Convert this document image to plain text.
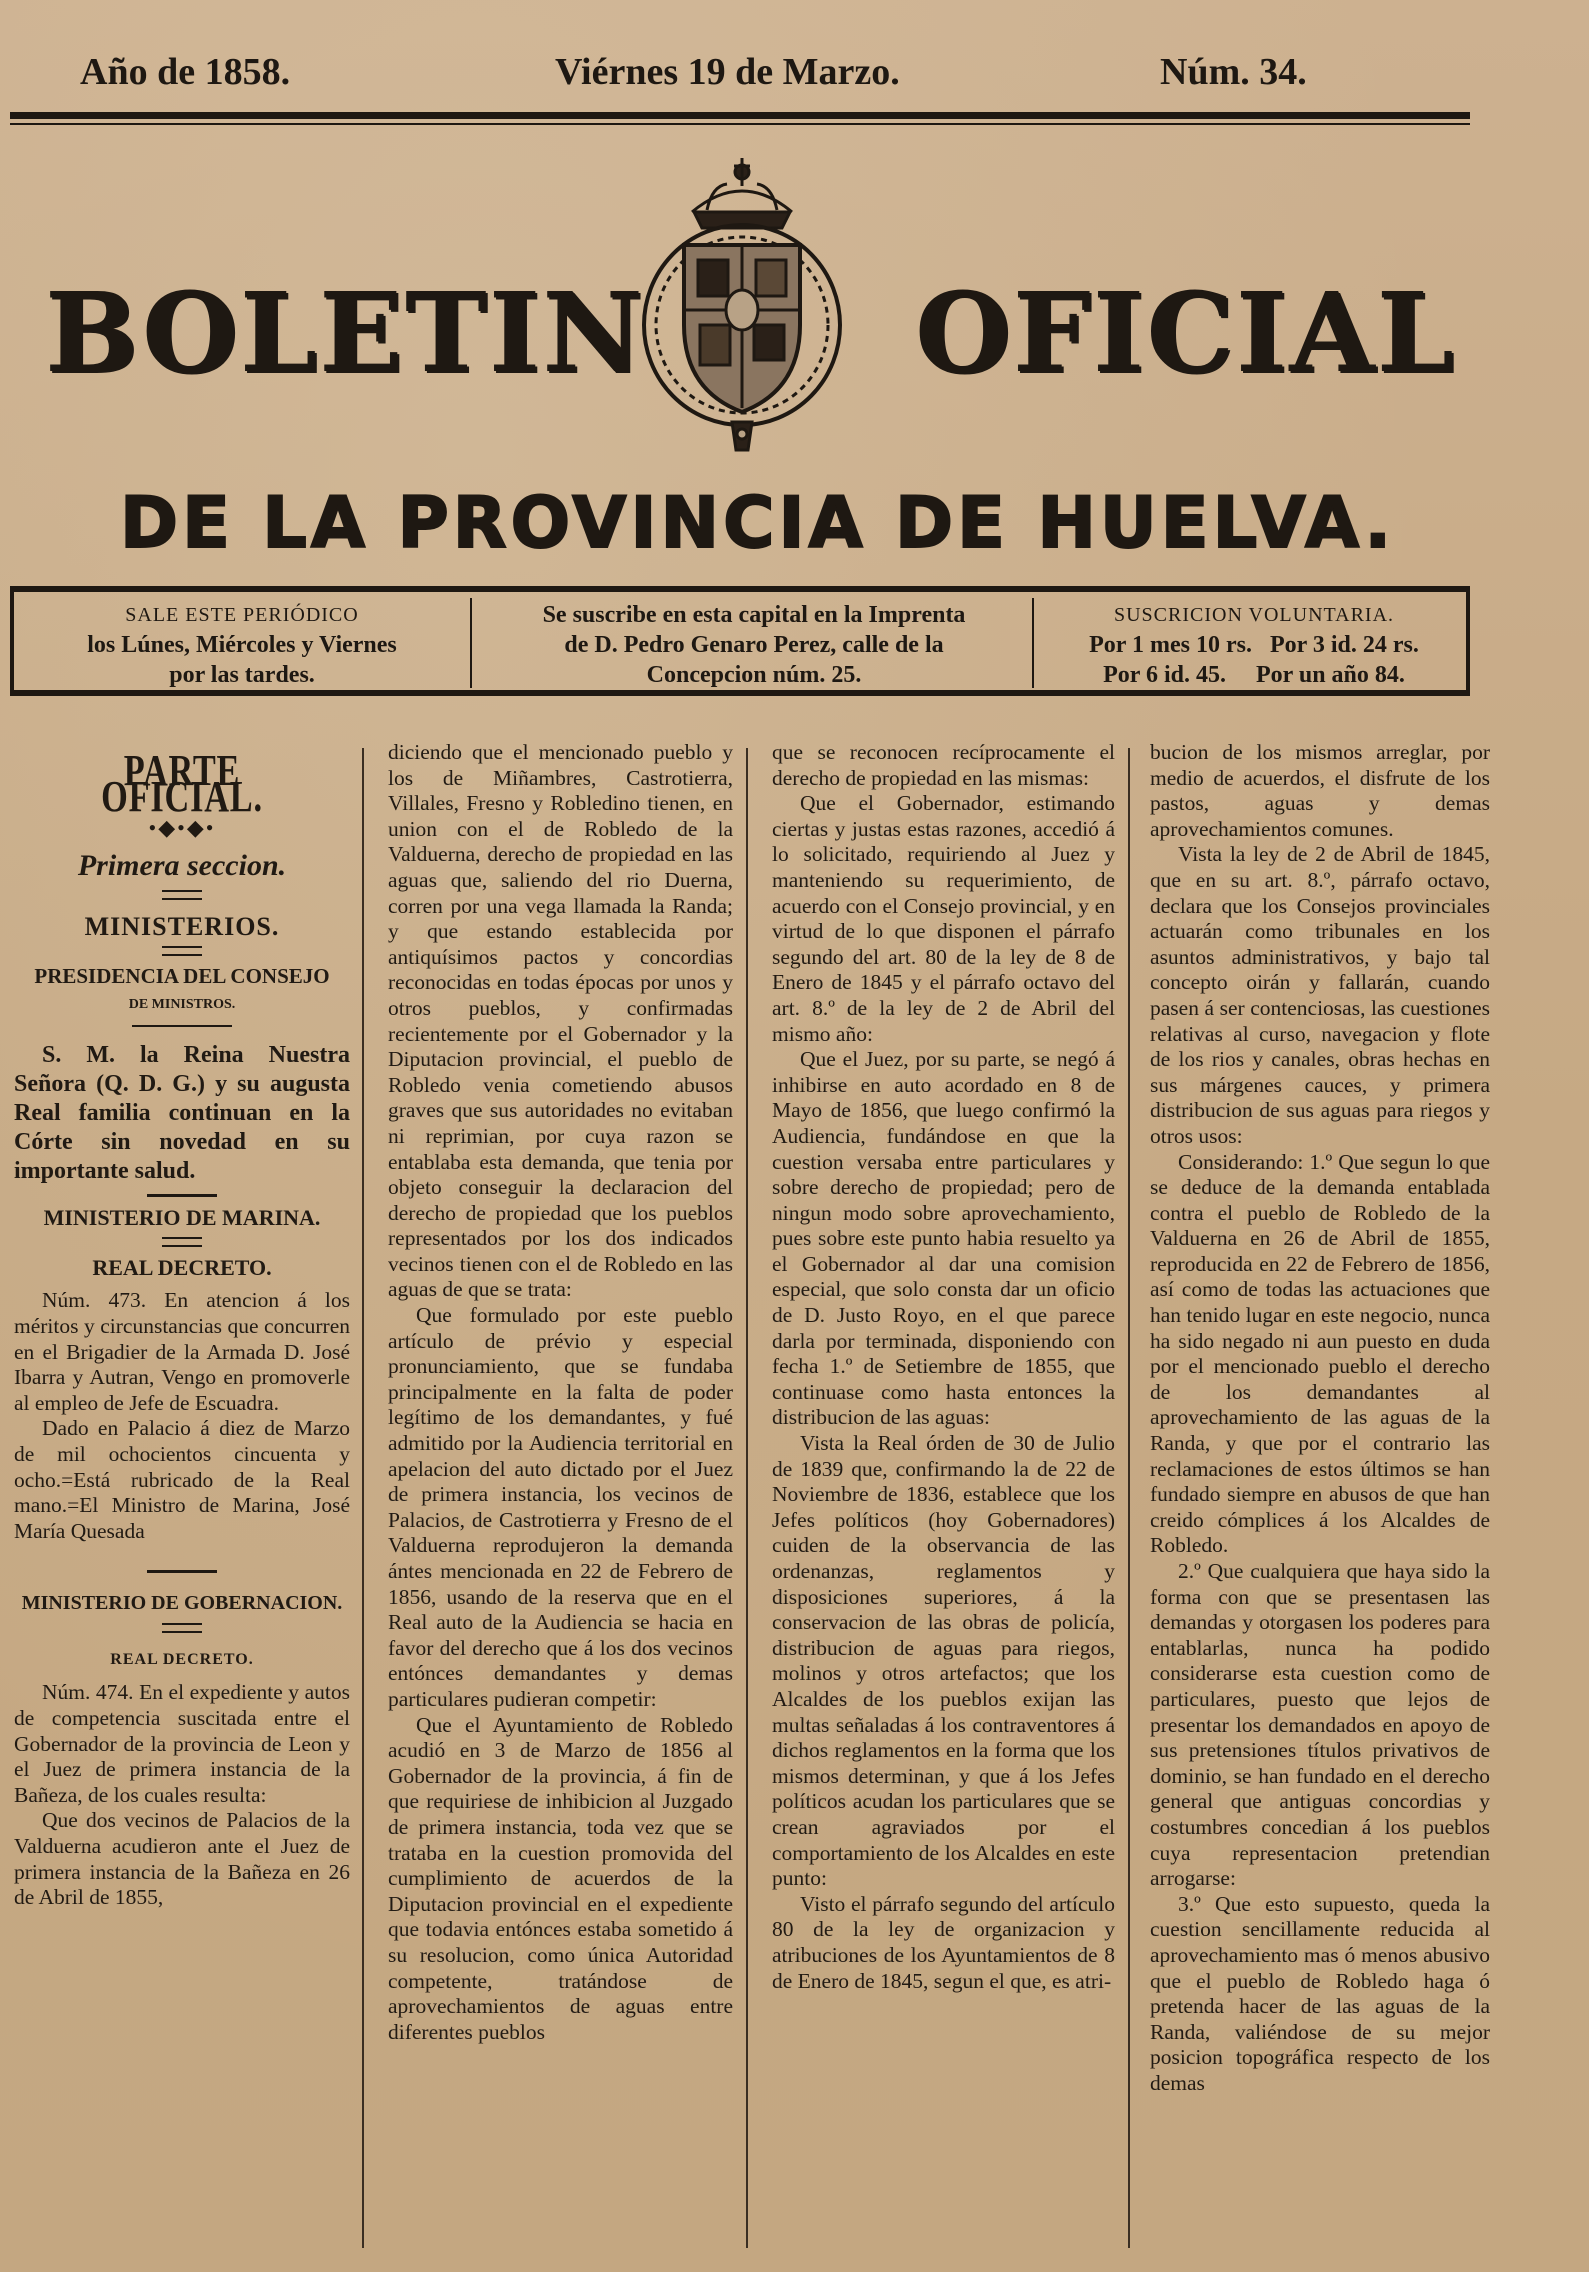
Año de 1858.	Viérnes 19 de Marzo.	Núm. 34.
BOLETIN OFICIAL
DE LA PROVINCIA DE HUELVA.
SALE ESTE PERIÓDICO
los Lúnes, Miércoles y Viernes
por las tardes.
Se suscribe en esta capital en la Imprenta
de D. Pedro Genaro Perez, calle de la
Concepcion núm. 25.
SUSCRICION VOLUNTARIA.
Por 1 mes 10 rs.   Por 3 id. 24 rs.
Por 6 id. 45.     Por un año 84.
PARTE OFICIAL.
•◆•◆•
Primera seccion.
MINISTERIOS.
PRESIDENCIA DEL CONSEJO
DE MINISTROS.

S. M. la Reina Nuestra Señora (Q. D. G.) y su augusta Real familia continuan en la Córte sin novedad en su importante salud.

MINISTERIO DE MARINA.
REAL DECRETO.

Núm. 473. En atencion á los méritos y circunstancias que concurren en el Brigadier de la Armada D. José Ibarra y Autran, Vengo en promoverle al empleo de Jefe de Escuadra.

Dado en Palacio á diez de Marzo de mil ochocientos cincuenta y ocho.=Está rubricado de la Real mano.=El Ministro de Marina, José María Quesada

MINISTERIO DE GOBERNACION.
REAL DECRETO.

Núm. 474. En el expediente y autos de competencia suscitada entre el Gobernador de la provincia de Leon y el Juez de primera instancia de la Bañeza, de los cuales resulta:

Que dos vecinos de Palacios de la Valduerna acudieron ante el Juez de primera instancia de la Bañeza en 26 de Abril de 1855,

diciendo que el mencionado pueblo y los de Miñambres, Castrotierra, Villales, Fresno y Robledino tienen, en union con el de Robledo de la Valduerna, derecho de propiedad en las aguas que, saliendo del rio Duerna, corren por una vega llamada la Randa; y que estando establecida por antiquísimos pactos y concordias reconocidas en todas épocas por unos y otros pueblos, y confirmadas recientemente por el Gobernador y la Diputacion provincial, el pueblo de Robledo venia cometiendo abusos graves que sus autoridades no evitaban ni reprimian, por cuya razon se entablaba esta demanda, que tenia por objeto conseguir la declaracion del derecho de propiedad que los pueblos representados por los dos indicados vecinos tienen con el de Robledo en las aguas de que se trata:

Que formulado por este pueblo artículo de prévio y especial pronunciamiento, que se fundaba principalmente en la falta de poder legítimo de los demandantes, y fué admitido por la Audiencia territorial en apelacion del auto dictado por el Juez de primera instancia, los vecinos de Palacios, de Castrotierra y Fresno de el Valduerna reprodujeron la demanda ántes mencionada en 22 de Febrero de 1856, usando de la reserva que en el Real auto de la Audiencia se hacia en favor del derecho que á los dos vecinos entónces demandantes y demas particulares pudieran competir:

Que el Ayuntamiento de Robledo acudió en 3 de Marzo de 1856 al Gobernador de la provincia, á fin de que requiriese de inhibicion al Juzgado de primera instancia, toda vez que se trataba en la cuestion promovida del cumplimiento de acuerdos de la Diputacion provincial en el expediente que todavia entónces estaba sometido á su resolucion, como única Autoridad competente, tratándose de aprovechamientos de aguas entre diferentes pueblos

que se reconocen recíprocamente el derecho de propiedad en las mismas:

Que el Gobernador, estimando ciertas y justas estas razones, accedió á lo solicitado, requiriendo al Juez y manteniendo su requerimiento, de acuerdo con el Consejo provincial, y en virtud de lo que disponen el párrafo segundo del art. 80 de la ley de 8 de Enero de 1845 y el párrafo octavo del art. 8.º de la ley de 2 de Abril del mismo año:

Que el Juez, por su parte, se negó á inhibirse en auto acordado en 8 de Mayo de 1856, que luego confirmó la Audiencia, fundándose en que la cuestion versaba entre particulares y sobre derecho de propiedad; pero de ningun modo sobre aprovechamiento, pues sobre este punto habia resuelto ya el Gobernador al dar una comision especial, que solo consta dar un oficio de D. Justo Royo, en el que parece darla por terminada, disponiendo con fecha 1.º de Setiembre de 1855, que continuase como hasta entonces la distribucion de las aguas:

Vista la Real órden de 30 de Julio de 1839 que, confirmando la de 22 de Noviembre de 1836, establece que los Jefes políticos (hoy Gobernadores) cuiden de la observancia de las ordenanzas, reglamentos y disposiciones superiores, á la conservacion de las obras de policía, distribucion de aguas para riegos, molinos y otros artefactos; que los Alcaldes de los pueblos exijan las multas señaladas á los contraventores á dichos reglamentos en la forma que los mismos determinan, y que á los Jefes políticos acudan los particulares que se crean agraviados por el comportamiento de los Alcaldes en este punto:

Visto el párrafo segundo del artículo 80 de la ley de organizacion y atribuciones de los Ayuntamientos de 8 de Enero de 1845, segun el que, es atri-

bucion de los mismos arreglar, por medio de acuerdos, el disfrute de los pastos, aguas y demas aprovechamientos comunes.

Vista la ley de 2 de Abril de 1845, que en su art. 8.º, párrafo octavo, declara que los Consejos provinciales actuarán como tribunales en los asuntos administrativos, y bajo tal concepto oirán y fallarán, cuando pasen á ser contenciosas, las cuestiones relativas al curso, navegacion y flote de los rios y canales, obras hechas en sus márgenes cauces, y primera distribucion de sus aguas para riegos y otros usos:

Considerando: 1.º Que segun lo que se deduce de la demanda entablada contra el pueblo de Robledo de la Valduerna en 26 de Abril de 1855, reproducida en 22 de Febrero de 1856, así como de todas las actuaciones que han tenido lugar en este negocio, nunca ha sido negado ni aun puesto en duda por el mencionado pueblo el derecho de los demandantes al aprovechamiento de las aguas de la Randa, y que por el contrario las reclamaciones de estos últimos se han fundado siempre en abusos de que han creido cómplices á los Alcaldes de Robledo.

2.º Que cualquiera que haya sido la forma con que se presentasen las demandas y otorgasen los poderes para entablarlas, nunca ha podido considerarse esta cuestion como de particulares, puesto que lejos de presentar los demandados en apoyo de sus pretensiones títulos privativos de dominio, se han fundado en el derecho general que antiguas concordias y costumbres concedian á los pueblos cuya representacion pretendian arrogarse:

3.º Que esto supuesto, queda la cuestion sencillamente reducida al aprovechamiento mas ó menos abusivo que el pueblo de Robledo haga ó pretenda hacer de las aguas de la Randa, valiéndose de su mejor posicion topográfica respecto de los demas
